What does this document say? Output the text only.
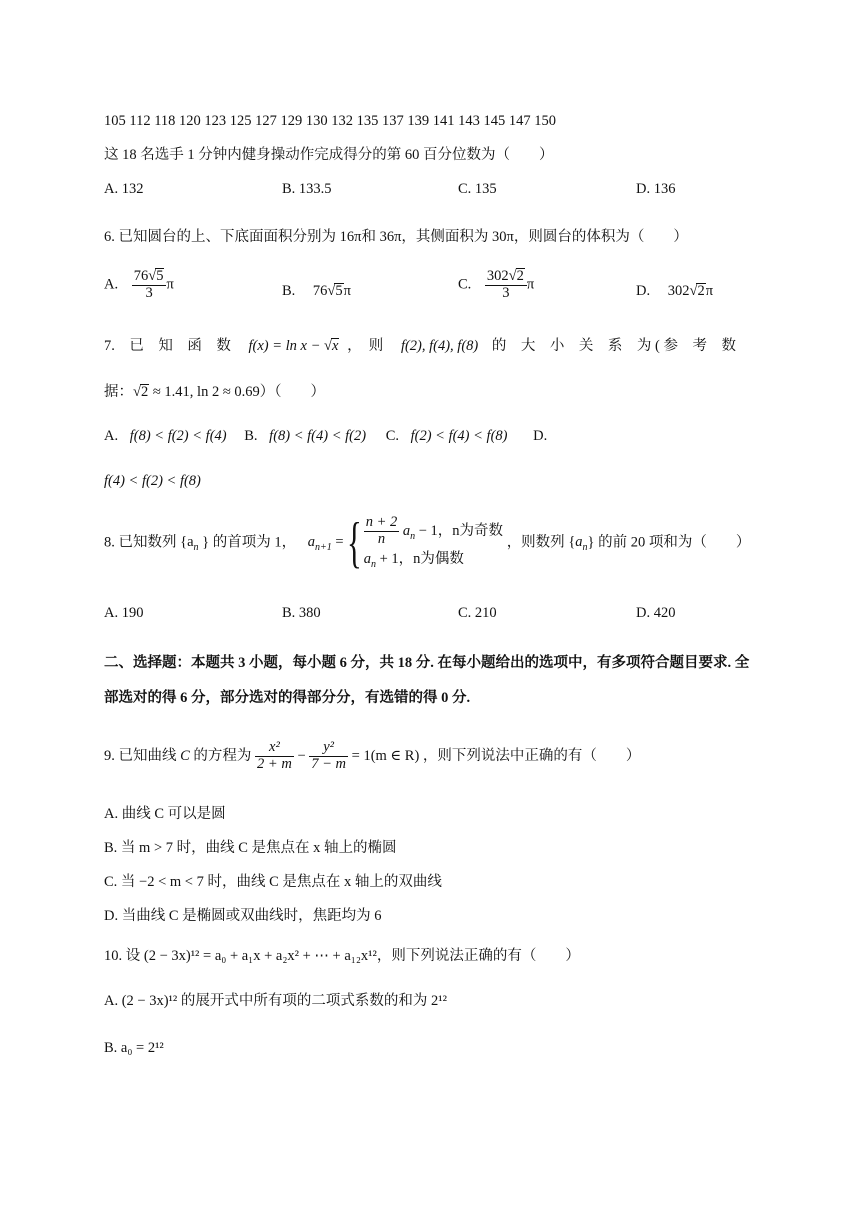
105 112 118 120 123 125 127 129 130 132 135 137 139 141 143 145 147 150
这 18 名选手 1 分钟内健身操动作完成得分的第 60 百分位数为（　　）
A. 132	B. 133.5	C. 135	D. 136
6. 已知圆台的上、下底面面积分别为 16π和 36π，其侧面积为 30π，则圆台的体积为（　　）
A. $\frac{76√5}{3}$ π	B. 76√5π	C. $\frac{302√2}{3}$ π	D. 302√2π
7.　已　知　函　数 f(x) = ln x − √x ，　则 f(2), f(4), f(8) 的　大　小　关　系　为 ( 参　考　数
据：√2 ≈ 1.41, ln 2 ≈ 0.69）（　　）
A. f(8) < f(2) < f(4) B. f(8) < f(4) < f(2) C. f(2) < f(4) < f(8) D.
f(4) < f(2) < f(8)
8. 已知数列 {$a_n$ } 的首项为 1， $a_{n+1}$ = { $\frac{n + 2}{n} a_n - 1$，n为奇数
$a_n + 1$，n为偶数
，则数列 $\{a_n\}$ 的前 20 项和为（　　）
A. 190	B. 380	C. 210	D. 420
二、选择题：本题共 3 小题，每小题 6 分，共 18 分. 在每小题给出的选项中，有多项符合题目要求. 全
部选对的得 6 分，部分选对的得部分分，有选错的得 0 分.
9. 已知曲线 C 的方程为 $\frac{\text{x²}}{2 + m} - \frac{\text{y²}}{7 - m} = 1(m$ ∈ R) ，则下列说法中正确的有（　　）
A. 曲线 C 可以是圆
B. 当 m > 7 时，曲线 C 是焦点在 x 轴上的椭圆
C. 当 −2 < m < 7 时，曲线 C 是焦点在 x 轴上的双曲线
D. 当曲线 C 是椭圆或双曲线时，焦距均为 6
10. 设 (2 − 3x)¹² = a₀ + a₁x + a₂x² + ⋯ + a₁₂x¹²，则下列说法正确的有（　　）
A. (2 − 3x)¹² 的展开式中所有项的二项式系数的和为 2¹²
B. a₀ = 2¹²
